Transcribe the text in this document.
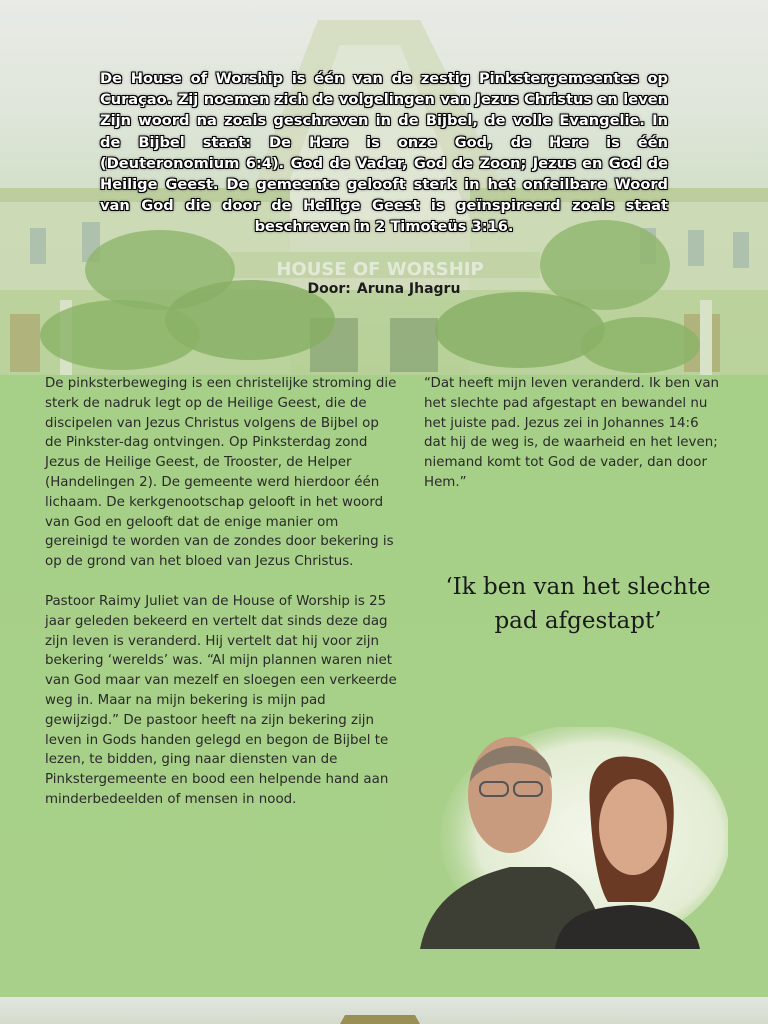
HOUSE OF WORSHIP

De House of Worship is één van de zestig Pinkstergemeentes op Curaçao. Zij noemen zich de volgelingen van Jezus Christus en leven Zijn woord na zoals geschreven in de Bijbel, de volle Evangelie. In de Bijbel staat: De Here is onze God, de Here is één (Deuteronomium 6:4). God de Vader, God de Zoon; Jezus en God de Heilige Geest. De gemeente gelooft sterk in het onfeilbare Woord van God die door de Heilige Geest is geïnspireerd zoals staat beschreven in 2 Timoteüs 3:16.

Door: Aruna Jhagru

De pinksterbeweging is een christelijke stroming die sterk de nadruk legt op de Heilige Geest, die de discipelen van Jezus Christus volgens de Bijbel op de Pinkster-dag ontvingen. Op Pinksterdag zond Jezus de Heilige Geest, de Trooster, de Helper (Handelingen 2). De gemeente werd hierdoor één lichaam. De kerkgenootschap gelooft in het woord van God en gelooft dat de enige manier om gereinigd te worden van de zondes door bekering is op de grond van het bloed van Jezus Christus.

Pastoor Raimy Juliet van de House of Worship is 25 jaar geleden bekeerd en vertelt dat sinds deze dag zijn leven is veranderd. Hij vertelt dat hij voor zijn bekering ‘werelds’ was. “Al mijn plannen waren niet van God maar van mezelf en sloegen een verkeerde weg in. Maar na mijn bekering is mijn pad gewijzigd.” De pastoor heeft na zijn bekering zijn leven in Gods handen gelegd en begon de Bijbel te lezen, te bidden, ging naar diensten van de Pinkstergemeente en bood een helpende hand aan minderbedeelden of mensen in nood.

“Dat heeft mijn leven veranderd. Ik ben van het slechte pad afgestapt en bewandel nu het juiste pad. Jezus zei in Johannes 14:6 dat hij de weg is, de waarheid en het leven; niemand komt tot God de vader, dan door Hem.”

‘Ik ben van het slechte
pad afgestapt’
